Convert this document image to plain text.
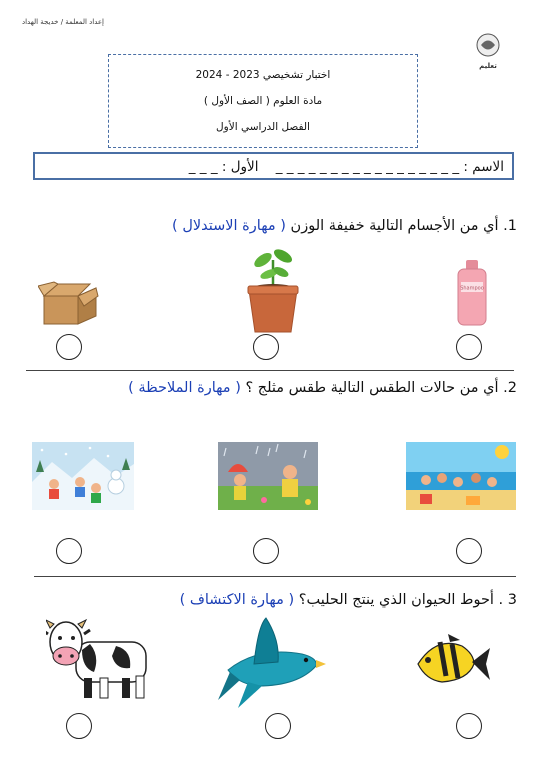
إعداد المعلمة / خديجة الهداد
تعليم
اختبار تشخيصي 2023 - 2024
مادة العلوم ( الصف الأول )
الفصل الدراسي الأول
الاسم : _ _ _ _ _ _ _ _ _ _ _ _ _ _ _ _ _    الأول : _ _ _
1. أي من الأجسام التالية خفيفة الوزن ( مهارة الاستدلال )
Shampoo
2. أي من حالات الطقس التالية طقس مثلج ؟ ( مهارة الملاحظة )
3 . أحوط الحيوان الذي ينتج الحليب؟ ( مهارة الاكتشاف )
